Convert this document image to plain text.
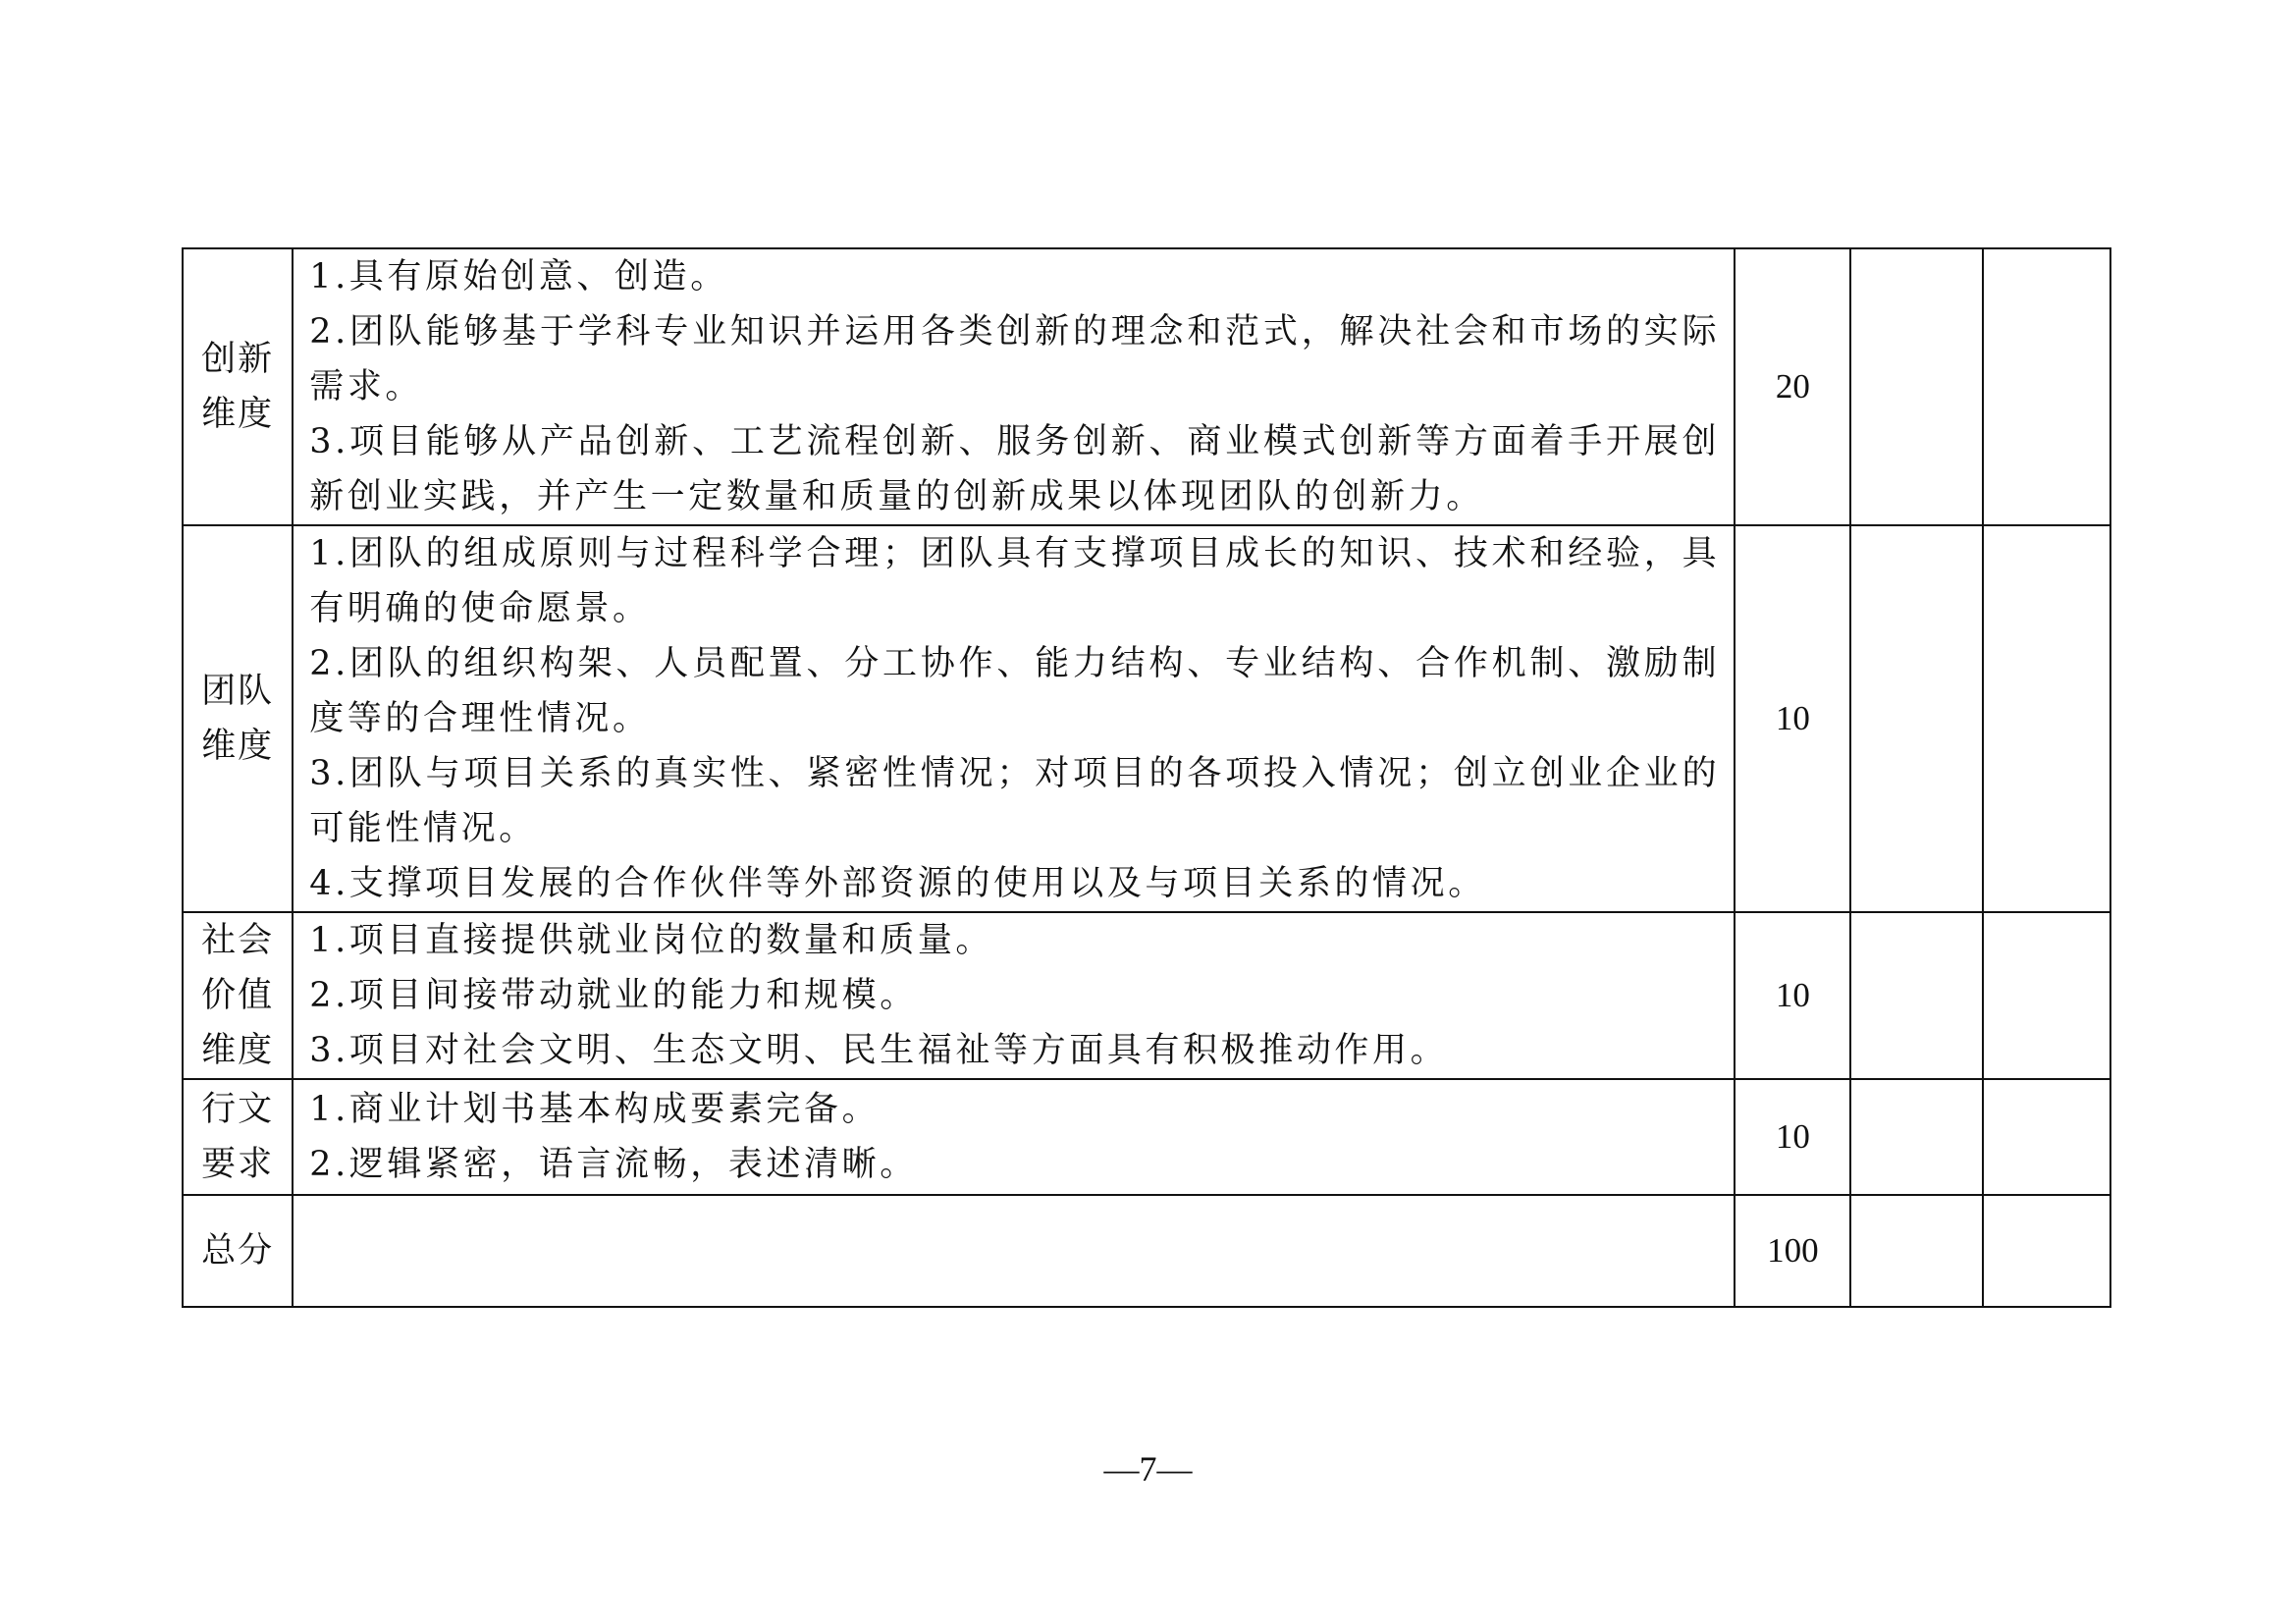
创新维度	1.具有原始创意、创造。
2.团队能够基于学科专业知识并运用各类创新的理念和范式，解决社会和市场的实际需求。
3.项目能够从产品创新、工艺流程创新、服务创新、商业模式创新等方面着手开展创新创业实践，并产生一定数量和质量的创新成果以体现团队的创新力。	20		
团队维度	1.团队的组成原则与过程科学合理；团队具有支撑项目成长的知识、技术和经验，具有明确的使命愿景。
2.团队的组织构架、人员配置、分工协作、能力结构、专业结构、合作机制、激励制度等的合理性情况。
3.团队与项目关系的真实性、紧密性情况；对项目的各项投入情况；创立创业企业的可能性情况。
4.支撑项目发展的合作伙伴等外部资源的使用以及与项目关系的情况。	10		
社会价值维度	1.项目直接提供就业岗位的数量和质量。
2.项目间接带动就业的能力和规模。
3.项目对社会文明、生态文明、民生福祉等方面具有积极推动作用。	10		
行文要求	1.商业计划书基本构成要素完备。
2.逻辑紧密，语言流畅，表述清晰。	10		
总分		100		
—7—
